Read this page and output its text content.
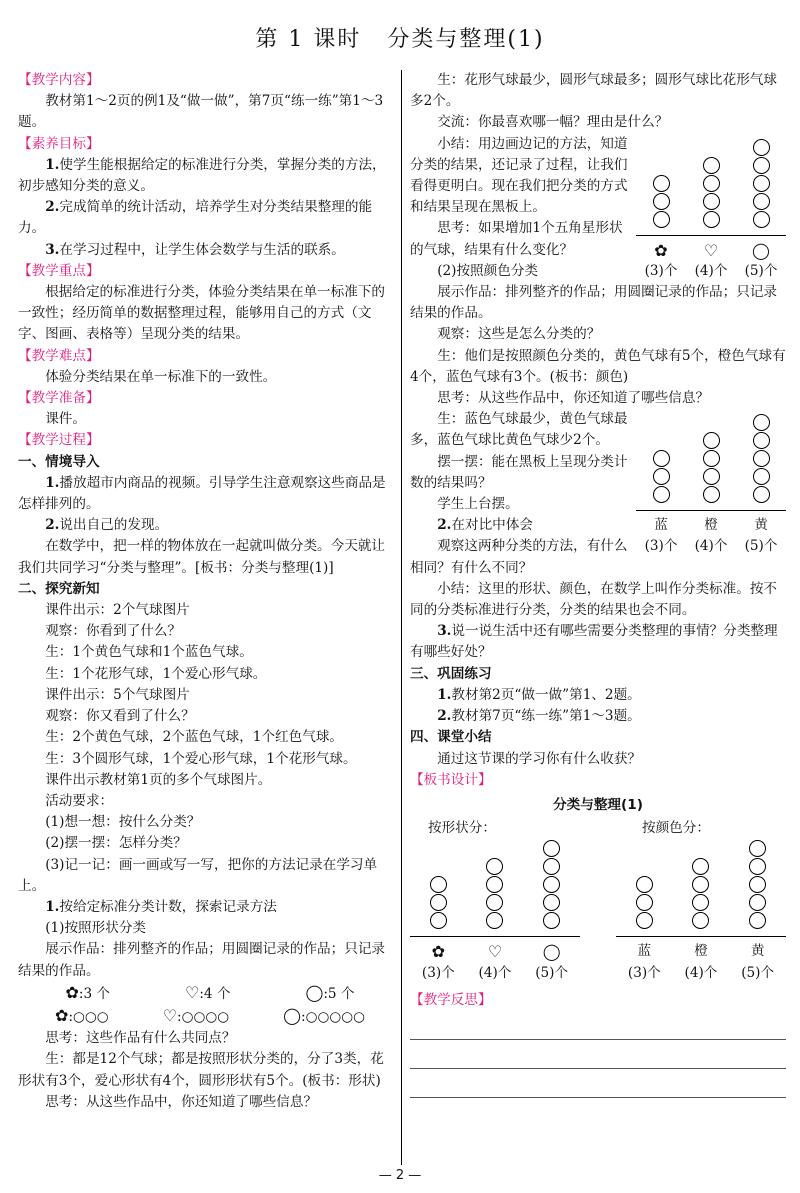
第 1 课时 分类与整理(1)

【教学内容】

教材第1～2页的例1及“做一做”，第7页“练一练”第1～3题。

【素养目标】

1.使学生能根据给定的标准进行分类，掌握分类的方法，初步感知分类的意义。

2.完成简单的统计活动，培养学生对分类结果整理的能力。

3.在学习过程中，让学生体会数学与生活的联系。

【教学重点】

根据给定的标准进行分类，体验分类结果在单一标准下的一致性；经历简单的数据整理过程，能够用自己的方式（文字、图画、表格等）呈现分类的结果。

【教学难点】

体验分类结果在单一标准下的一致性。

【教学准备】

课件。

【教学过程】

一、情境导入

1.播放超市内商品的视频。引导学生注意观察这些商品是怎样排列的。

2.说出自己的发现。

在数学中，把一样的物体放在一起就叫做分类。今天就让我们共同学习“分类与整理”。[板书：分类与整理(1)]

二、探究新知

课件出示：2个气球图片

观察：你看到了什么？

生：1个黄色气球和1个蓝色气球。

生：1个花形气球，1个爱心形气球。

课件出示：5个气球图片

观察：你又看到了什么？

生：2个黄色气球，2个蓝色气球，1个红色气球。

生：3个圆形气球，1个爱心形气球，1个花形气球。

课件出示教材第1页的多个气球图片。

活动要求：

(1)想一想：按什么分类？

(2)摆一摆：怎样分类？

(3)记一记：画一画或写一写，把你的方法记录在学习单上。

1.按给定标准分类计数，探索记录方法

(1)按照形状分类

展示作品：排列整齐的作品；用圆圈记录的作品；只记录结果的作品。

✿:3 个	♡:4 个	◯:5 个
✿:○○○	♡:○○○○	◯:○○○○○

思考：这些作品有什么共同点？

生：都是12个气球；都是按照形状分类的，分了3类，花形状有3个，爱心形状有4个，圆形形状有5个。(板书：形状)

思考：从这些作品中，你还知道了哪些信息？

生：花形气球最少，圆形气球最多；圆形气球比花形气球多2个。

交流：你最喜欢哪一幅？理由是什么？

✿	♡	◯
(3)个 (4)个 (5)个

小结：用边画边记的方法，知道分类的结果，还记录了过程，让我们看得更明白。现在我们把分类的方式和结果呈现在黑板上。

思考：如果增加1个五角星形状的气球，结果有什么变化？

(2)按照颜色分类

展示作品：排列整齐的作品；用圆圈记录的作品；只记录结果的作品。

观察：这些是怎么分类的？

生：他们是按照颜色分类的，黄色气球有5个，橙色气球有4个，蓝色气球有3个。(板书：颜色)

思考：从这些作品中，你还知道了哪些信息？

蓝	橙	黄
(3)个 (4)个 (5)个

生：蓝色气球最少，黄色气球最多，蓝色气球比黄色气球少2个。

摆一摆：能在黑板上呈现分类计数的结果吗？

学生上台摆。

2.在对比中体会

观察这两种分类的方法，有什么相同？有什么不同？

小结：这里的形状、颜色，在数学上叫作分类标准。按不同的分类标准进行分类，分类的结果也会不同。

3.说一说生活中还有哪些需要分类整理的事情？分类整理有哪些好处？

三、巩固练习

1.教材第2页“做一做”第1、2题。

2.教材第7页“练一练”第1～3题。

四、课堂小结

通过这节课的学习你有什么收获？

【板书设计】

分类与整理(1)
按形状分：
✿	♡	◯
(3)个 (4)个 (5)个
按颜色分：
蓝	橙	黄
(3)个 (4)个 (5)个

【教学反思】

— 2 —
